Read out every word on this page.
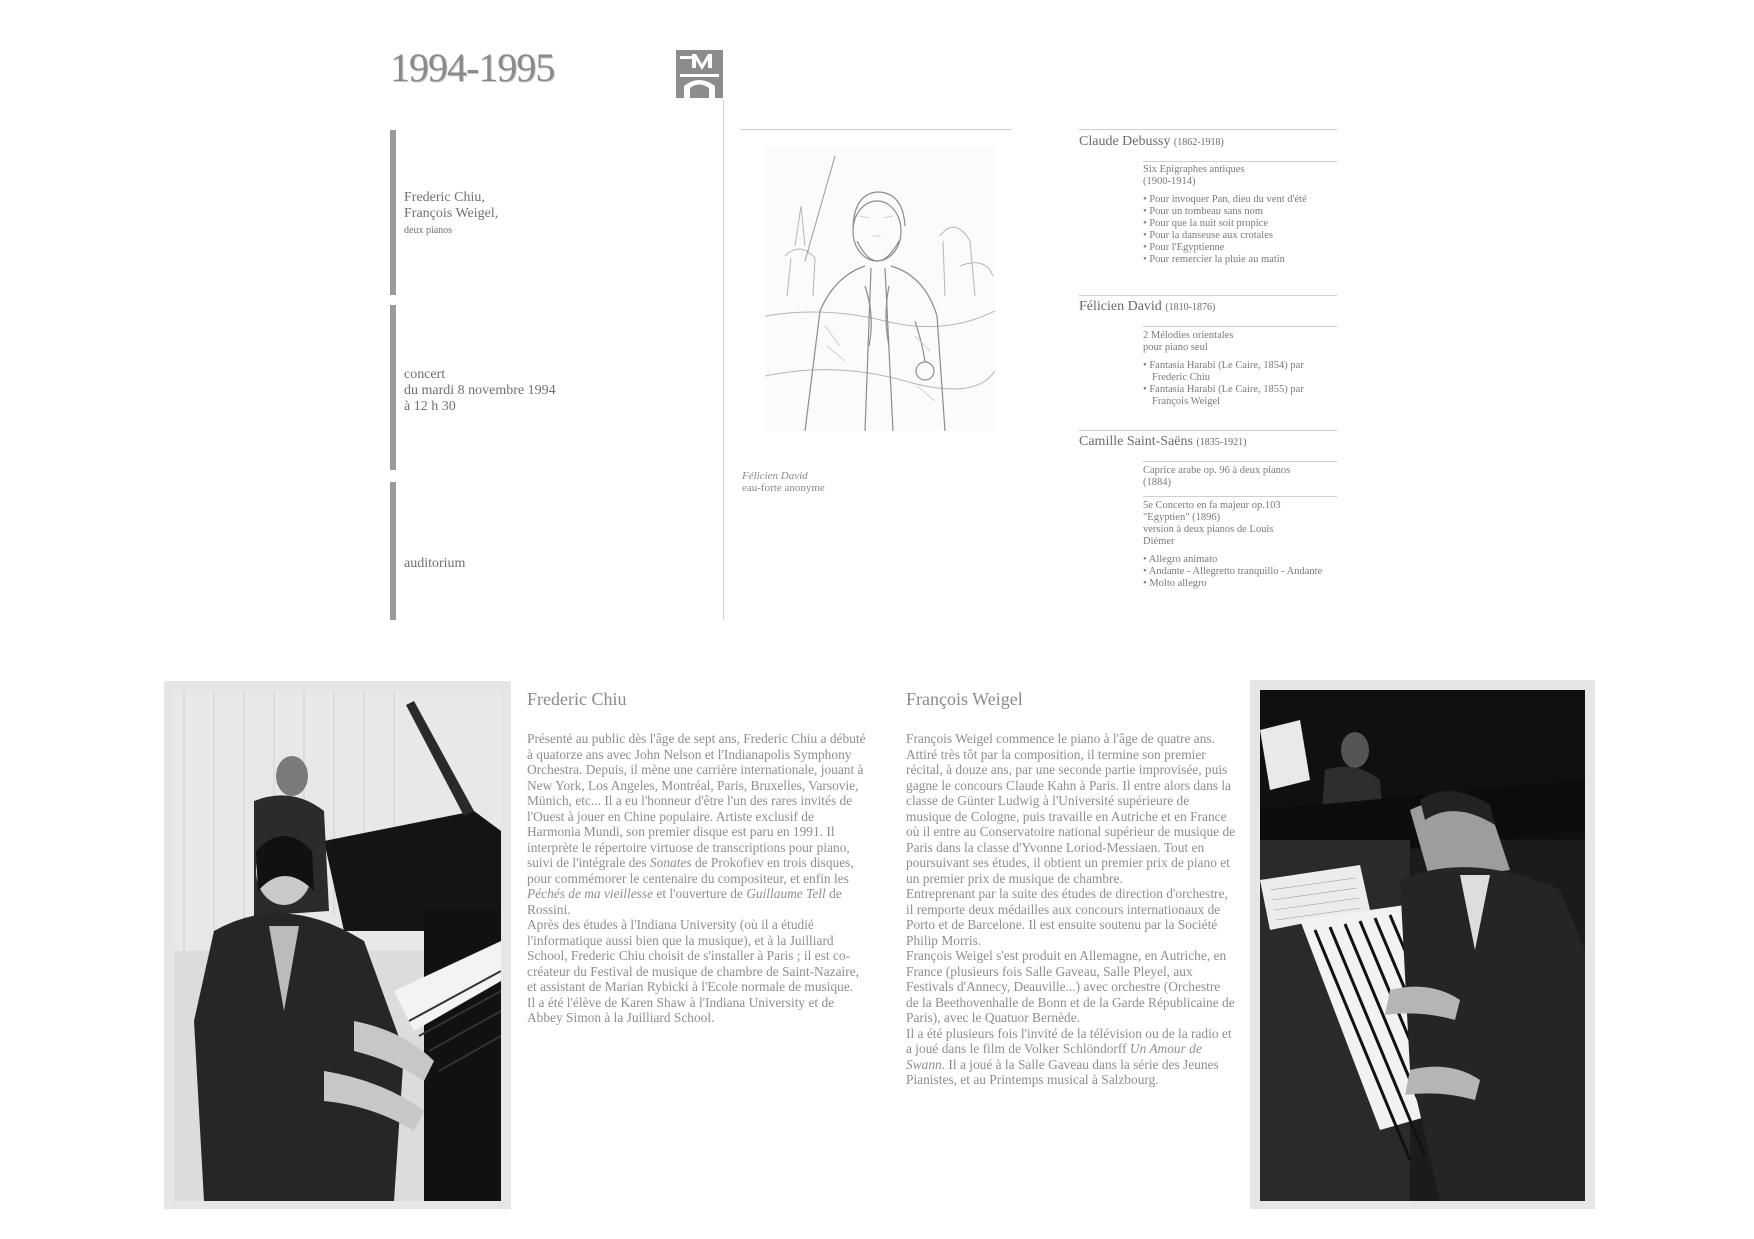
1994-1995
Frederic Chiu,
François Weigel,
deux pianos
concert
du mardi 8 novembre 1994
à 12 h 30
auditorium
Félicien David
eau-forte anonyme
Claude Debussy (1862-1918)
Six Epigraphes antiques
(1900-1914)
• Pour invoquer Pan, dieu du vent d'été
• Pour un tombeau sans nom
• Pour que la nuit soit propice
• Pour la danseuse aux crotales
• Pour l'Egyptienne
• Pour remercier la pluie au matin
Félicien David (1810-1876)
2 Mélodies orientales
pour piano seul
• Fantasia Harabi (Le Caire, 1854) par Frederic Chiu
• Fantasia Harabi (Le Caire, 1855) par François Weigel
Camille Saint-Saëns (1835-1921)
Caprice arabe op. 96 à deux pianos
(1884)
5e Concerto en fa majeur op.103
"Egyptien" (1896)
version à deux pianos de Louis
Diémer
• Allegro animato
• Andante - Allegretto tranquillo - Andante
• Molto allegro
Frederic Chiu

Présenté au public dès l'âge de sept ans, Frederic Chiu a débuté à quatorze ans avec John Nelson et l'Indianapolis Symphony Orchestra. Depuis, il mène une carrière internationale, jouant à New York, Los Angeles, Montréal, Paris, Bruxelles, Varsovie, Münich, etc... Il a eu l'honneur d'être l'un des rares invités de l'Ouest à jouer en Chine populaire. Artiste exclusif de Harmonia Mundi, son premier disque est paru en 1991. Il interprète le répertoire virtuose de transcriptions pour piano, suivi de l'intégrale des Sonates de Prokofiev en trois disques, pour commémorer le centenaire du compositeur, et enfin les Péchés de ma vieillesse et l'ouverture de Guillaume Tell de Rossini.

Après des études à l'Indiana University (où il a étudié l'informatique aussi bien que la musique), et à la Juilliard School, Frederic Chiu choisit de s'installer à Paris ; il est co-créateur du Festival de musique de chambre de Saint-Nazaire, et assistant de Marian Rybicki à l'Ecole normale de musique.

Il a été l'élève de Karen Shaw à l'Indiana University et de Abbey Simon à la Juilliard School.

François Weigel

François Weigel commence le piano à l'âge de quatre ans. Attiré très tôt par la composition, il termine son premier récital, à douze ans, par une seconde partie improvisée, puis gagne le concours Claude Kahn à Paris. Il entre alors dans la classe de Günter Ludwig à l'Université supérieure de musique de Cologne, puis travaille en Autriche et en France où il entre au Conservatoire national supérieur de musique de Paris dans la classe d'Yvonne Loriod-Messiaen. Tout en poursuivant ses études, il obtient un premier prix de piano et un premier prix de musique de chambre.

Entreprenant par la suite des études de direction d'orchestre, il remporte deux médailles aux concours internationaux de Porto et de Barcelone. Il est ensuite soutenu par la Société Philip Morris.

François Weigel s'est produit en Allemagne, en Autriche, en France (plusieurs fois Salle Gaveau, Salle Pleyel, aux Festivals d'Annecy, Deauville...) avec orchestre (Orchestre de la Beethovenhalle de Bonn et de la Garde Républicaine de Paris), avec le Quatuor Bernède.

Il a été plusieurs fois l'invité de la télévision ou de la radio et a joué dans le film de Volker Schlöndorff Un Amour de Swann. Il a joué à la Salle Gaveau dans la série des Jeunes Pianistes, et au Printemps musical à Salzbourg.
